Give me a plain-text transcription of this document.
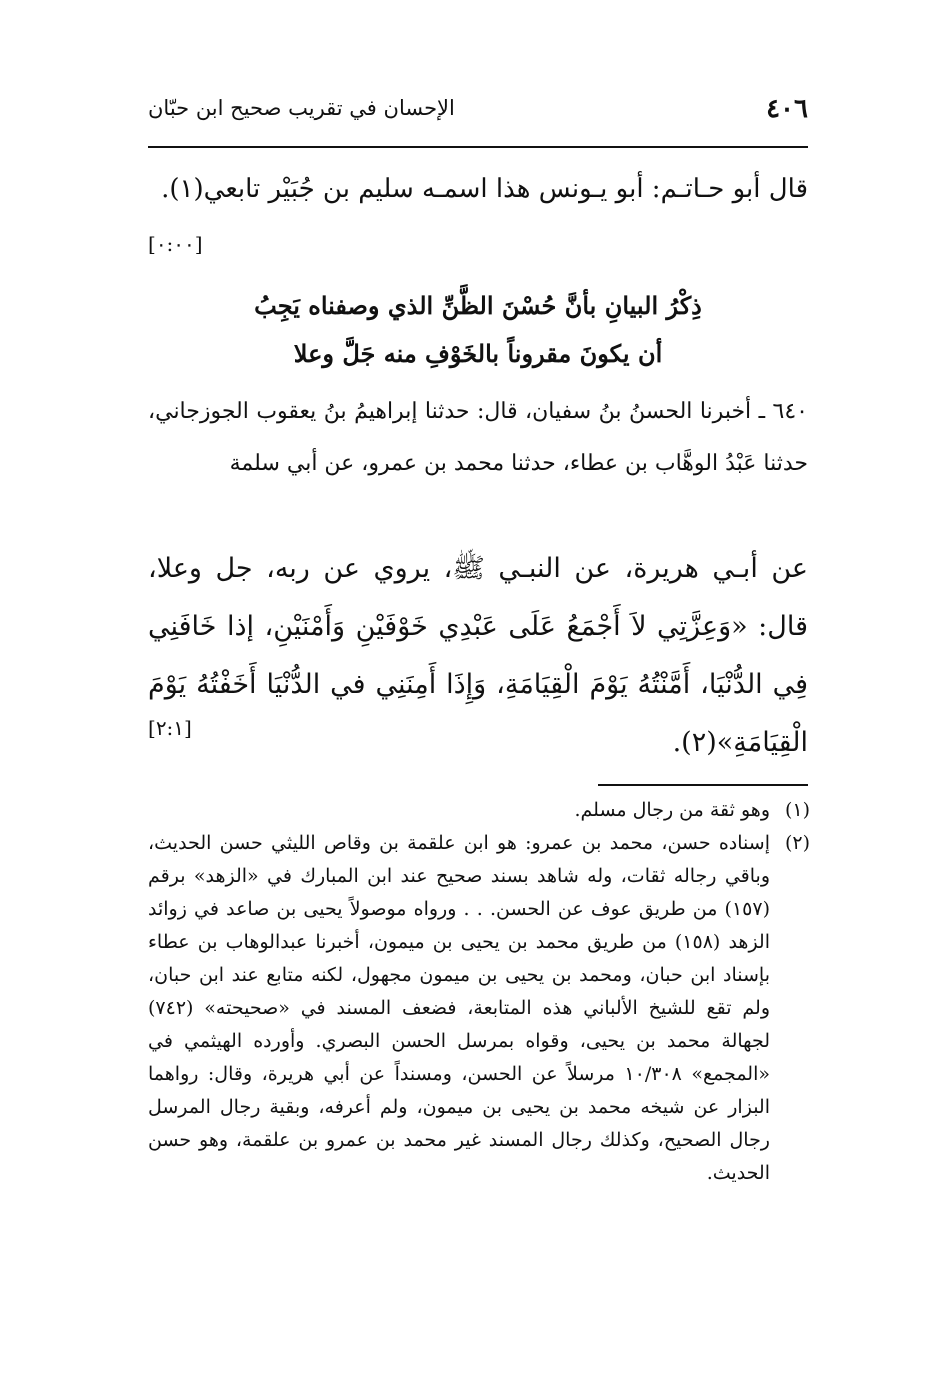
٤٠٦
الإحسان في تقريب صحيح ابن حبّان
قال أبو حـاتـم: أبو يـونس هذا اسمـه سليم بن جُبَيْر تابعي(١).
[٠:٠٠]
ذِكْرُ البيانِ بأنَّ حُسْنَ الظَّنِّ الذي وصفناه يَجِبُ
أن يكونَ مقروناً بالخَوْفِ منه جَلَّ وعلا
٦٤٠ ـ أخبرنا الحسنُ بنُ سفيان، قال: حدثنا إبراهيمُ بنُ يعقوب الجوزجاني، حدثنا عَبْدُ الوهَّاب بن عطاء، حدثنا محمد بن عمرو، عن أبي سلمة
عن أبـي هريرة، عن النبـي ﷺ، يروي عن ربه، جل وعلا، قال: «وَعِزَّتِي لاَ أَجْمَعُ عَلَى عَبْدِي خَوْفَيْنِ وَأَمْنَيْنِ، إذا خَافَنِي فِي الدُّنْيَا، أَمَّنْتُهُ يَوْمَ الْقِيَامَةِ، وَإِذَا أَمِنَنِي في الدُّنْيَا أَخَفْتُهُ يَوْمَ الْقِيَامَةِ»(٢).
[٢:١]
(١)
وهو ثقة من رجال مسلم.
(٢)
إسناده حسن، محمد بن عمرو: هو ابن علقمة بن وقاص الليثي حسن الحديث، وباقي رجاله ثقات، وله شاهد بسند صحيح عند ابن المبارك في «الزهد» برقم (١٥٧) من طريق عوف عن الحسن. . . ورواه موصولاً يحيى بن صاعد في زوائد الزهد (١٥٨) من طريق محمد بن يحيى بن ميمون، أخبرنا عبدالوهاب بن عطاء بإسناد ابن حبان، ومحمد بن يحيى بن ميمون مجهول، لكنه متابع عند ابن حبان، ولم تقع للشيخ الألباني هذه المتابعة، فضعف المسند في «صحيحته» (٧٤٢) لجهالة محمد بن يحيى، وقواه بمرسل الحسن البصري. وأورده الهيثمي في «المجمع» ١٠/٣٠٨ مرسلاً عن الحسن، ومسنداً عن أبي هريرة، وقال: رواهما البزار عن شيخه محمد بن يحيى بن ميمون، ولم أعرفه، وبقية رجال المرسل رجال الصحيح، وكذلك رجال المسند غير محمد بن عمرو بن علقمة، وهو حسن الحديث.
